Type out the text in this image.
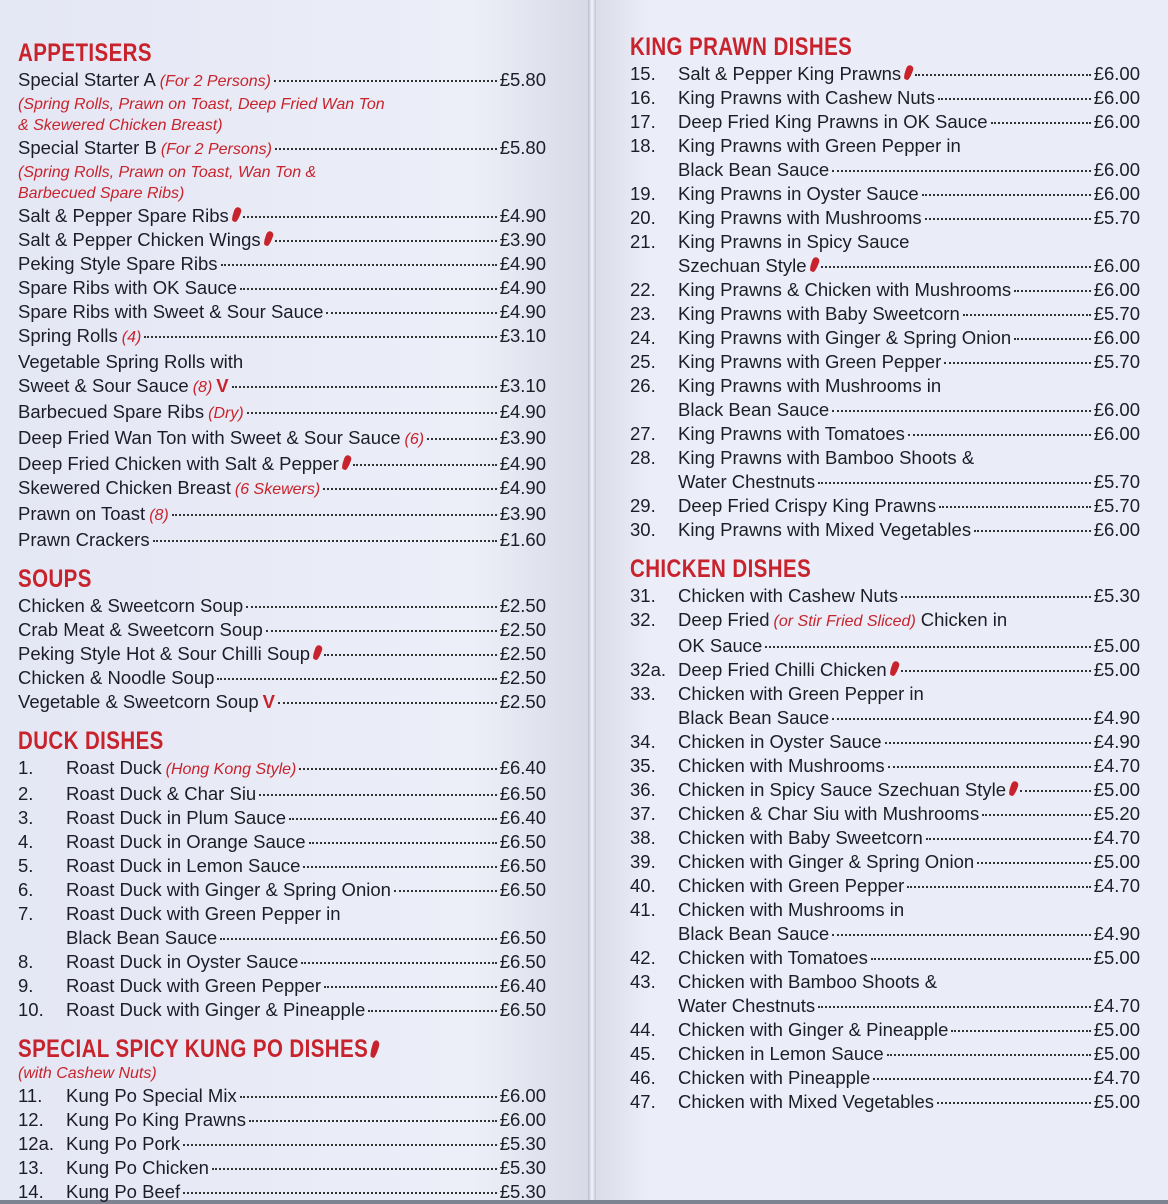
APPETISERS
Special Starter A (For 2 Persons)	£5.80
(Spring Rolls, Prawn on Toast, Deep Fried Wan Ton
& Skewered Chicken Breast)
Special Starter B (For 2 Persons)	£5.80
(Spring Rolls, Prawn on Toast, Wan Ton &
Barbecued Spare Ribs)
Salt & Pepper Spare Ribs	£4.90
Salt & Pepper Chicken Wings	£3.90
Peking Style Spare Ribs	£4.90
Spare Ribs with OK Sauce	£4.90
Spare Ribs with Sweet & Sour Sauce	£4.90
Spring Rolls (4)	£3.10
Vegetable Spring Rolls with
Sweet & Sour Sauce (8) V	£3.10
Barbecued Spare Ribs (Dry)	£4.90
Deep Fried Wan Ton with Sweet & Sour Sauce (6)	£3.90
Deep Fried Chicken with Salt & Pepper	£4.90
Skewered Chicken Breast (6 Skewers)	£4.90
Prawn on Toast (8)	£3.90
Prawn Crackers	£1.60
SOUPS
Chicken & Sweetcorn Soup	£2.50
Crab Meat & Sweetcorn Soup	£2.50
Peking Style Hot & Sour Chilli Soup	£2.50
Chicken & Noodle Soup	£2.50
Vegetable & Sweetcorn Soup V	£2.50
DUCK DISHES
1.	Roast Duck (Hong Kong Style)	£6.40
2.	Roast Duck & Char Siu	£6.50
3.	Roast Duck in Plum Sauce	£6.40
4.	Roast Duck in Orange Sauce	£6.50
5.	Roast Duck in Lemon Sauce	£6.50
6.	Roast Duck with Ginger & Spring Onion	£6.50
7.	Roast Duck with Green Pepper in
Black Bean Sauce	£6.50
8.	Roast Duck in Oyster Sauce	£6.50
9.	Roast Duck with Green Pepper	£6.40
10.	Roast Duck with Ginger & Pineapple	£6.50
SPECIAL SPICY KUNG PO DISHES
(with Cashew Nuts)
11.	Kung Po Special Mix	£6.00
12.	Kung Po King Prawns	£6.00
12a. Kung Po Pork	£5.30
13.	Kung Po Chicken	£5.30
14.	Kung Po Beef	£5.30
KING PRAWN DISHES
15.	Salt & Pepper King Prawns	£6.00
16.	King Prawns with Cashew Nuts	£6.00
17.	Deep Fried King Prawns in OK Sauce	£6.00
18.	King Prawns with Green Pepper in
Black Bean Sauce	£6.00
19.	King Prawns in Oyster Sauce	£6.00
20.	King Prawns with Mushrooms	£5.70
21.	King Prawns in Spicy Sauce
Szechuan Style	£6.00
22.	King Prawns & Chicken with Mushrooms	£6.00
23.	King Prawns with Baby Sweetcorn	£5.70
24.	King Prawns with Ginger & Spring Onion	£6.00
25.	King Prawns with Green Pepper	£5.70
26.	King Prawns with Mushrooms in
Black Bean Sauce	£6.00
27.	King Prawns with Tomatoes	£6.00
28.	King Prawns with Bamboo Shoots &
Water Chestnuts	£5.70
29.	Deep Fried Crispy King Prawns	£5.70
30.	King Prawns with Mixed Vegetables	£6.00
CHICKEN DISHES
31.	Chicken with Cashew Nuts	£5.30
32.	Deep Fried (or Stir Fried Sliced) Chicken in
OK Sauce	£5.00
32a. Deep Fried Chilli Chicken	£5.00
33.	Chicken with Green Pepper in
Black Bean Sauce	£4.90
34.	Chicken in Oyster Sauce	£4.90
35.	Chicken with Mushrooms	£4.70
36.	Chicken in Spicy Sauce Szechuan Style	£5.00
37.	Chicken & Char Siu with Mushrooms	£5.20
38.	Chicken with Baby Sweetcorn	£4.70
39.	Chicken with Ginger & Spring Onion	£5.00
40.	Chicken with Green Pepper	£4.70
41.	Chicken with Mushrooms in
Black Bean Sauce	£4.90
42.	Chicken with Tomatoes	£5.00
43.	Chicken with Bamboo Shoots &
Water Chestnuts	£4.70
44.	Chicken with Ginger & Pineapple	£5.00
45.	Chicken in Lemon Sauce	£5.00
46.	Chicken with Pineapple	£4.70
47.	Chicken with Mixed Vegetables	£5.00
